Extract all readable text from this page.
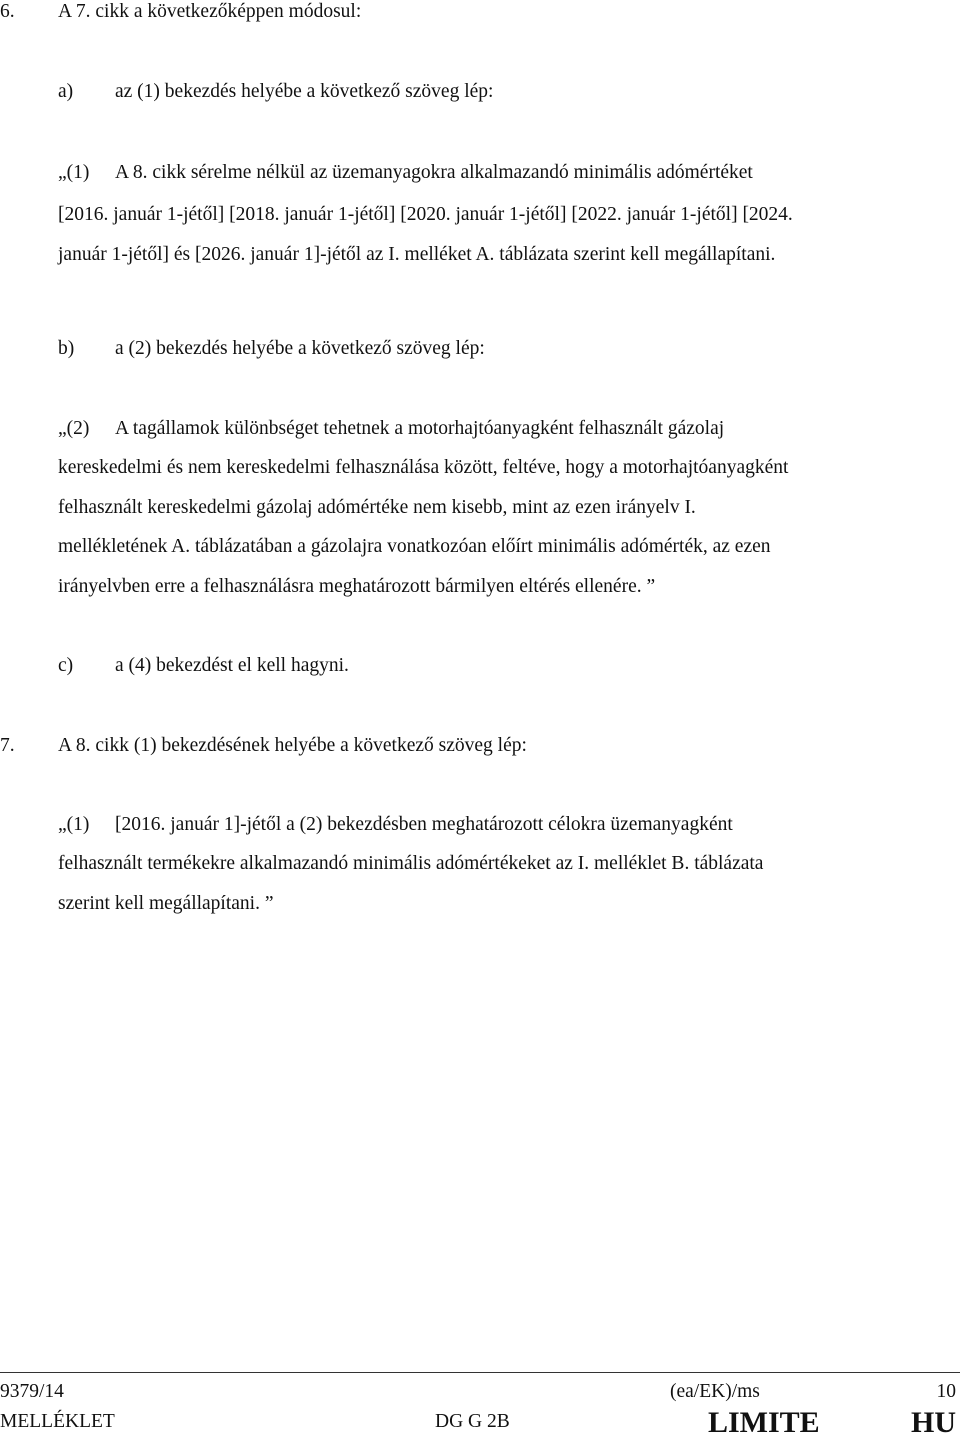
6. A 7. cikk a következőképpen módosul:
a) az (1) bekezdés helyébe a következő szöveg lép:
„(1) A 8. cikk sérelme nélkül az üzemanyagokra alkalmazandó minimális adómértéket
[2016. január 1-jétől] [2018. január 1-jétől] [2020. január 1-jétől] [2022. január 1-jétől] [2024.
január 1-jétől] és [2026. január 1]-jétől az I. melléket A. táblázata szerint kell megállapítani.
b) a (2) bekezdés helyébe a következő szöveg lép:
„(2) A tagállamok különbséget tehetnek a motorhajtóanyagként felhasznált gázolaj
kereskedelmi és nem kereskedelmi felhasználása között, feltéve, hogy a motorhajtóanyagként
felhasznált kereskedelmi gázolaj adómértéke nem kisebb, mint az ezen irányelv I.
mellékletének A. táblázatában a gázolajra vonatkozóan előírt minimális adómérték, az ezen
irányelvben erre a felhasználásra meghatározott bármilyen eltérés ellenére. ”
c) a (4) bekezdést el kell hagyni.
7. A 8. cikk (1) bekezdésének helyébe a következő szöveg lép:
„(1) [2016. január 1]-jétől a (2) bekezdésben meghatározott célokra üzemanyagként
felhasznált termékekre alkalmazandó minimális adómértékeket az I. melléklet B. táblázata
szerint kell megállapítani. ”
9379/14	(ea/EK)/ms	10
MELLÉKLET	DG G 2B	LIMITE	HU
